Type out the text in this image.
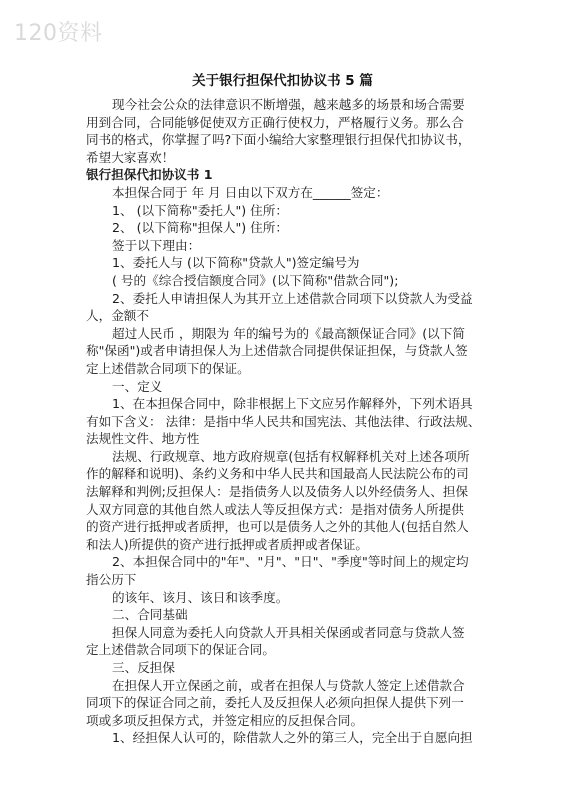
120资料
关于银行担保代扣协议书 5 篇

现今社会公众的法律意识不断增强，越来越多的场景和场合需要

用到合同，合同能够促使双方正确行使权力，严格履行义务。那么合

同书的格式，你掌握了吗?下面小编给大家整理银行担保代扣协议书，

希望大家喜欢！

银行担保代扣协议书 1

本担保合同于 年 月 日由以下双方在______签定：

1、 (以下简称"委托人") 住所：

2、 (以下简称"担保人") 住所：

签于以下理由：

1、委托人与 (以下简称"贷款人")签定编号为

( 号的《综合授信额度合同》(以下简称"借款合同");

2、委托人申请担保人为其开立上述借款合同项下以贷款人为受益

人，金额不

超过人民币 ，期限为 年的编号为的《最高额保证合同》(以下简

称"保函")或者申请担保人为上述借款合同提供保证担保，与贷款人签

定上述借款合同项下的保证。

一、定义

1、在本担保合同中，除非根据上下文应另作解释外，下列术语具

有如下含义： 法律：是指中华人民共和国宪法、其他法律、行政法规、

法规性文件、地方性

法规、行政规章、地方政府规章(包括有权解释机关对上述各项所

作的解释和说明)、条约义务和中华人民共和国最高人民法院公布的司

法解释和判例;反担保人：是指债务人以及债务人以外经债务人、担保

人双方同意的其他自然人或法人等反担保方式：是指对债务人所提供

的资产进行抵押或者质押，也可以是债务人之外的其他人(包括自然人

和法人)所提供的资产进行抵押或者质押或者保证。

2、本担保合同中的"年"、"月"、"日"、"季度"等时间上的规定均

指公历下

的该年、该月、该日和该季度。

二、合同基础

担保人同意为委托人向贷款人开具相关保函或者同意与贷款人签

定上述借款合同项下的保证合同。

三、反担保

在担保人开立保函之前，或者在担保人与贷款人签定上述借款合

同项下的保证合同之前，委托人及反担保人必须向担保人提供下列一

项或多项反担保方式，并签定相应的反担保合同。

1、经担保人认可的，除借款人之外的第三人，完全出于自愿向担
